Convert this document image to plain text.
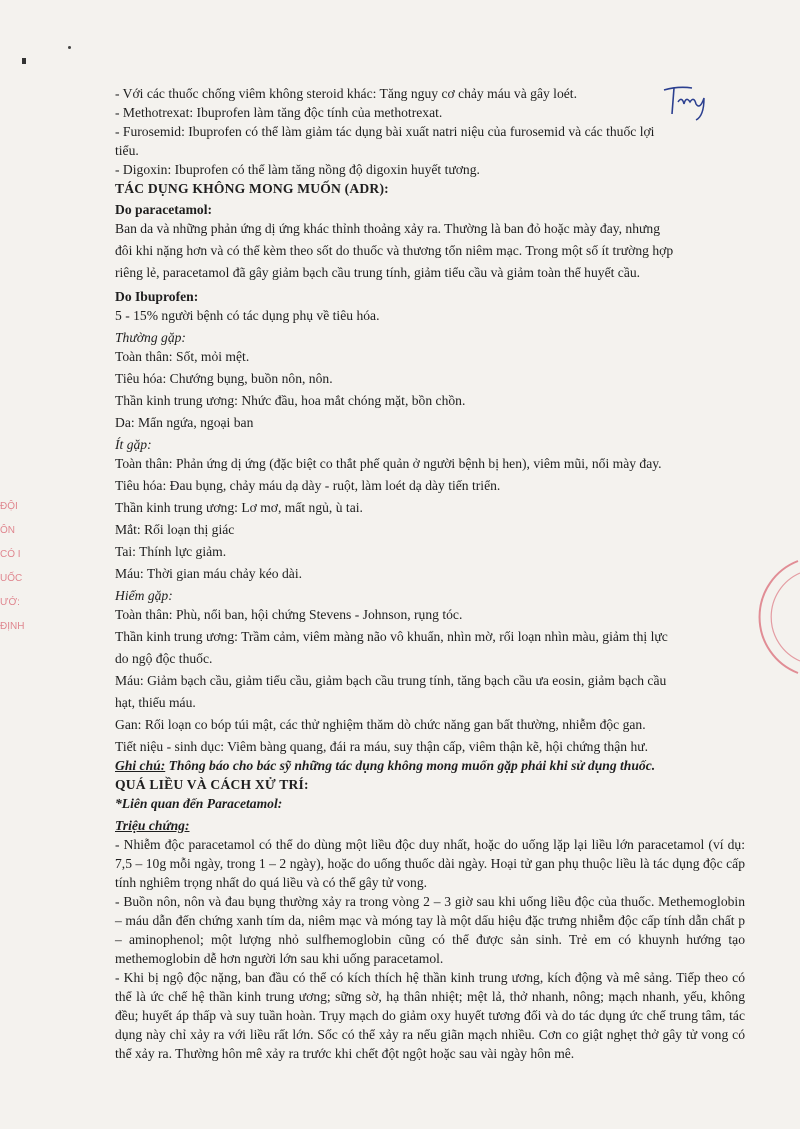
ĐỘI
ÔN
CÓ I
UỐC
ƯỚ:
ĐỊNH

- Với các thuốc chống viêm không steroid khác: Tăng nguy cơ chảy máu và gây loét.

- Methotrexat: Ibuprofen làm tăng độc tính của methotrexat.

- Furosemid: Ibuprofen có thể làm giảm tác dụng bài xuất natri niệu của furosemid và các thuốc lợi

tiểu.

- Digoxin: Ibuprofen có thể làm tăng nồng độ digoxin huyết tương.

TÁC DỤNG KHÔNG MONG MUỐN (ADR):

Do paracetamol:

Ban da và những phản ứng dị ứng khác thỉnh thoảng xảy ra. Thường là ban đỏ hoặc mày đay, nhưng

đôi khi nặng hơn và có thể kèm theo sốt do thuốc và thương tổn niêm mạc. Trong một số ít trường hợp

riêng lẻ, paracetamol đã gây giảm bạch cầu trung tính, giảm tiểu cầu và giảm toàn thể huyết cầu.

Do Ibuprofen:

5 - 15% người bệnh có tác dụng phụ về tiêu hóa.

Thường gặp:

Toàn thân: Sốt, mỏi mệt.

Tiêu hóa: Chướng bụng, buồn nôn, nôn.

Thần kinh trung ương: Nhức đầu, hoa mắt chóng mặt, bồn chồn.

Da: Mẩn ngứa, ngoại ban

Ít gặp:

Toàn thân: Phản ứng dị ứng (đặc biệt co thắt phế quản ở người bệnh bị hen), viêm mũi, nổi mày đay.

Tiêu hóa: Đau bụng, chảy máu dạ dày - ruột, làm loét dạ dày tiến triển.

Thần kinh trung ương: Lơ mơ, mất ngủ, ù tai.

Mắt: Rối loạn thị giác

Tai: Thính lực giảm.

Máu: Thời gian máu chảy kéo dài.

Hiếm gặp:

Toàn thân: Phù, nổi ban, hội chứng Stevens - Johnson, rụng tóc.

Thần kinh trung ương: Trầm cảm, viêm màng não vô khuẩn, nhìn mờ, rối loạn nhìn màu, giảm thị lực

do ngộ độc thuốc.

Máu: Giảm bạch cầu, giảm tiểu cầu, giảm bạch cầu trung tính, tăng bạch cầu ưa eosin, giảm bạch cầu

hạt, thiếu máu.

Gan: Rối loạn co bóp túi mật, các thử nghiệm thăm dò chức năng gan bất thường, nhiễm độc gan.

Tiết niệu - sinh dục: Viêm bàng quang, đái ra máu, suy thận cấp, viêm thận kẽ, hội chứng thận hư.

Ghi chú: Thông báo cho bác sỹ những tác dụng không mong muốn gặp phải khi sử dụng thuốc.

QUÁ LIỀU VÀ CÁCH XỬ TRÍ:

*Liên quan đến Paracetamol:

Triệu chứng:

- Nhiễm độc paracetamol có thể do dùng một liều độc duy nhất, hoặc do uống lặp lại liều lớn paracetamol (ví dụ: 7,5 – 10g mỗi ngày, trong 1 – 2 ngày), hoặc do uống thuốc dài ngày. Hoại tử gan phụ thuộc liều là tác dụng độc cấp tính nghiêm trọng nhất do quá liều và có thể gây tử vong.

- Buồn nôn, nôn và đau bụng thường xảy ra trong vòng 2 – 3 giờ sau khi uống liều độc của thuốc. Methemoglobin – máu dẫn đến chứng xanh tím da, niêm mạc và móng tay là một dấu hiệu đặc trưng nhiễm độc cấp tính dẫn chất p – aminophenol; một lượng nhỏ sulfhemoglobin cũng có thể được sản sinh. Trẻ em có khuynh hướng tạo methemoglobin dễ hơn người lớn sau khi uống paracetamol.

- Khi bị ngộ độc nặng, ban đầu có thể có kích thích hệ thần kinh trung ương, kích động và mê sảng. Tiếp theo có thể là ức chế hệ thần kinh trung ương; sững sờ, hạ thân nhiệt; mệt lả, thở nhanh, nông; mạch nhanh, yếu, không đều; huyết áp thấp và suy tuần hoàn. Trụy mạch do giảm oxy huyết tương đối và do tác dụng ức chế trung tâm, tác dụng này chỉ xảy ra với liều rất lớn. Sốc có thể xảy ra nếu giãn mạch nhiều. Cơn co giật nghẹt thở gây tử vong có thể xảy ra. Thường hôn mê xảy ra trước khi chết đột ngột hoặc sau vài ngày hôn mê.
